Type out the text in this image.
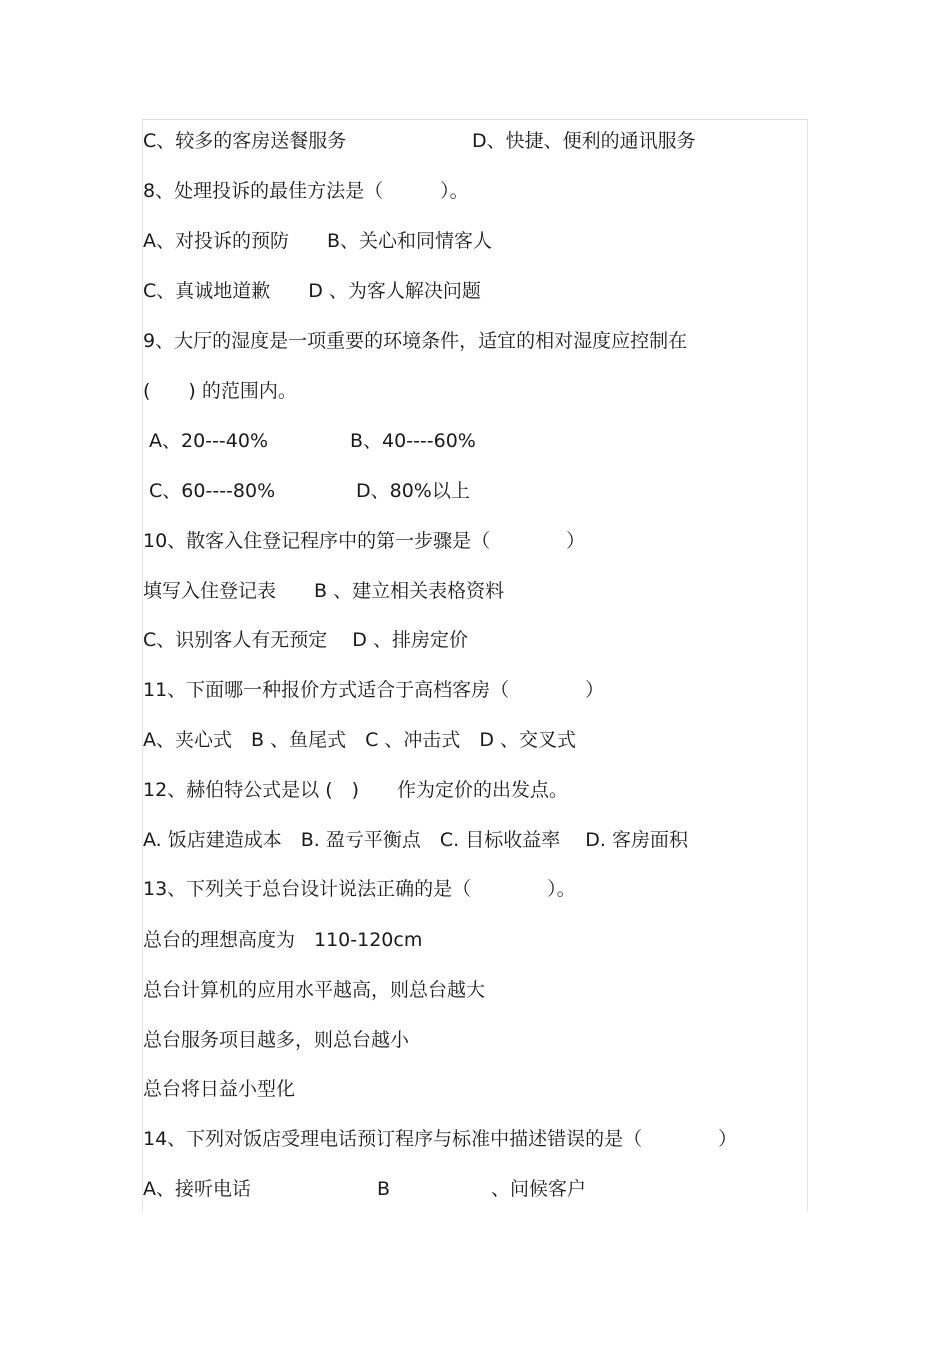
C、较多的客房送餐服务

	D、快捷、便利的通讯服务

8、处理投诉的最佳方法是（　　　）。
A、对投诉的预防　　B、关心和同情客人
C、真诚地道歉　　D 、为客人解决问题
9、大厅的湿度是一项重要的环境条件，适宜的相对湿度应控制在
(　　) 的范围内。

A、20---40%

	B、40----60%

C、60----80%

	D、80%以上

10、散客入住登记程序中的第一步骤是（　　　　）
填写入住登记表　　B 、建立相关表格资料
C、识别客人有无预定　 D 、排房定价
11、下面哪一种报价方式适合于高档客房（　　　　）
A、夹心式　B 、鱼尾式　C 、冲击式　D 、交叉式
12、赫伯特公式是以 (　)　　作为定价的出发点。
A. 饭店建造成本　B. 盈亏平衡点　C. 目标收益率　 D. 客房面积
13、下列关于总台设计说法正确的是（　　　　）。
总台的理想高度为　110-120cm
总台计算机的应用水平越高，则总台越大
总台服务项目越多，则总台越小
总台将日益小型化
14、下列对饭店受理电话预订程序与标准中描述错误的是（　　　　）

A、接听电话

	B

	、问候客户
